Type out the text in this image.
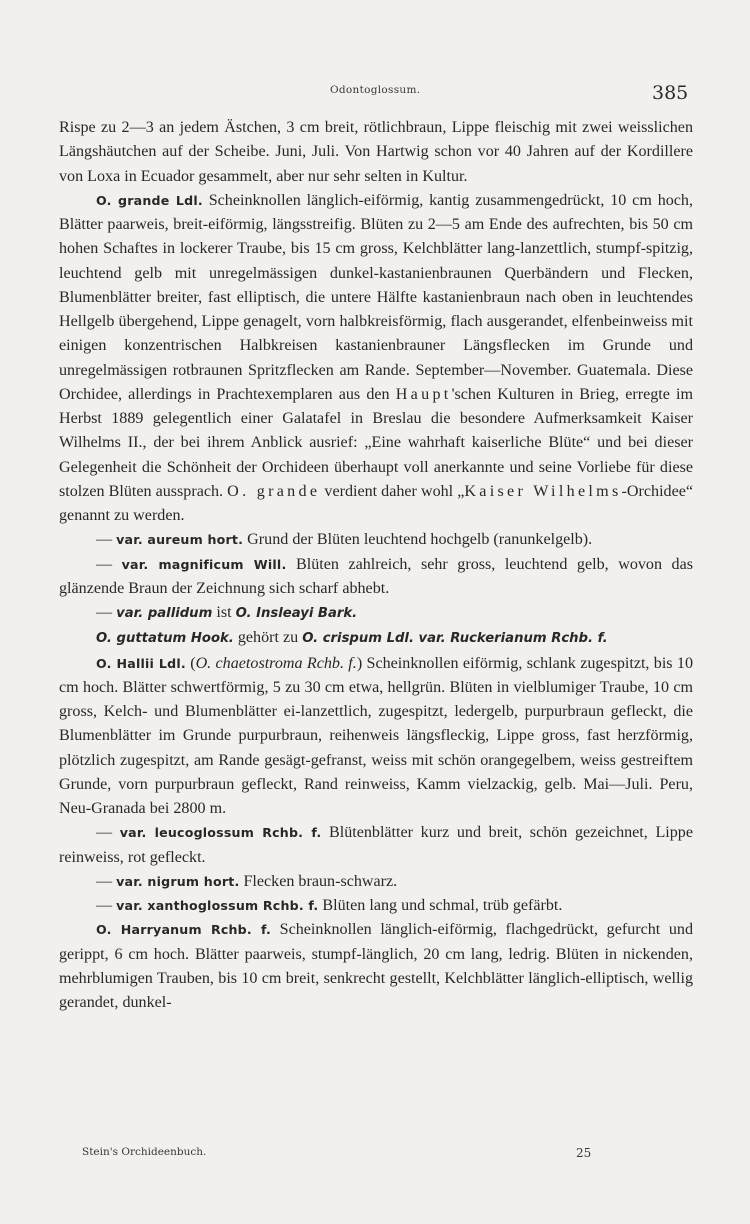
Odontoglossum.	385

Rispe zu 2—3 an jedem Ästchen, 3 cm breit, rötlichbraun, Lippe fleischig mit zwei weisslichen Längshäutchen auf der Scheibe. Juni, Juli. Von Hartwig schon vor 40 Jahren auf der Kordillere von Loxa in Ecuador gesammelt, aber nur sehr selten in Kultur.

O. grande Ldl. Scheinknollen länglich-eiförmig, kantig zusammengedrückt, 10 cm hoch, Blätter paarweis, breit-eiförmig, längsstreifig. Blüten zu 2—5 am Ende des aufrechten, bis 50 cm hohen Schaftes in lockerer Traube, bis 15 cm gross, Kelchblätter lang-lanzettlich, stumpf-spitzig, leuchtend gelb mit unregelmässigen dunkel-kastanienbraunen Querbändern und Flecken, Blumenblätter breiter, fast elliptisch, die untere Hälfte kastanienbraun nach oben in leuchtendes Hellgelb übergehend, Lippe genagelt, vorn halbkreisförmig, flach ausgerandet, elfenbeinweiss mit einigen konzentrischen Halbkreisen kastanienbrauner Längsflecken im Grunde und unregelmässigen rotbraunen Spritzflecken am Rande. September—November. Guatemala. Diese Orchidee, allerdings in Prachtexemplaren aus den Haupt'schen Kulturen in Brieg, erregte im Herbst 1889 gelegentlich einer Galatafel in Breslau die besondere Aufmerksamkeit Kaiser Wilhelms II., der bei ihrem Anblick ausrief: „Eine wahrhaft kaiserliche Blüte“ und bei dieser Gelegenheit die Schönheit der Orchideen überhaupt voll anerkannte und seine Vorliebe für diese stolzen Blüten aussprach. O. grande verdient daher wohl „Kaiser Wilhelms-Orchidee“ genannt zu werden.

— var. aureum hort. Grund der Blüten leuchtend hochgelb (ranunkelgelb).

— var. magnificum Will. Blüten zahlreich, sehr gross, leuchtend gelb, wovon das glänzende Braun der Zeichnung sich scharf abhebt.

— var. pallidum ist O. Insleayi Bark.

O. guttatum Hook. gehört zu O. crispum Ldl. var. Ruckerianum Rchb. f.

O. Hallii Ldl. (O. chaetostroma Rchb. f.) Scheinknollen eiförmig, schlank zugespitzt, bis 10 cm hoch. Blätter schwertförmig, 5 zu 30 cm etwa, hellgrün. Blüten in vielblumiger Traube, 10 cm gross, Kelch- und Blumenblätter ei-lanzettlich, zugespitzt, ledergelb, purpurbraun gefleckt, die Blumenblätter im Grunde purpurbraun, reihenweis längsfleckig, Lippe gross, fast herzförmig, plötzlich zugespitzt, am Rande gesägt-gefranst, weiss mit schön orangegelbem, weiss gestreiftem Grunde, vorn purpurbraun gefleckt, Rand reinweiss, Kamm vielzackig, gelb. Mai—Juli. Peru, Neu-Granada bei 2800 m.

— var. leucoglossum Rchb. f. Blütenblätter kurz und breit, schön gezeichnet, Lippe reinweiss, rot gefleckt.

— var. nigrum hort. Flecken braun-schwarz.

— var. xanthoglossum Rchb. f. Blüten lang und schmal, trüb gefärbt.

O. Harryanum Rchb. f. Scheinknollen länglich-eiförmig, flachgedrückt, gefurcht und gerippt, 6 cm hoch. Blätter paarweis, stumpf-länglich, 20 cm lang, ledrig. Blüten in nickenden, mehrblumigen Trauben, bis 10 cm breit, senkrecht gestellt, Kelchblätter länglich-elliptisch, wellig gerandet, dunkel-

Stein's Orchideenbuch.	25
